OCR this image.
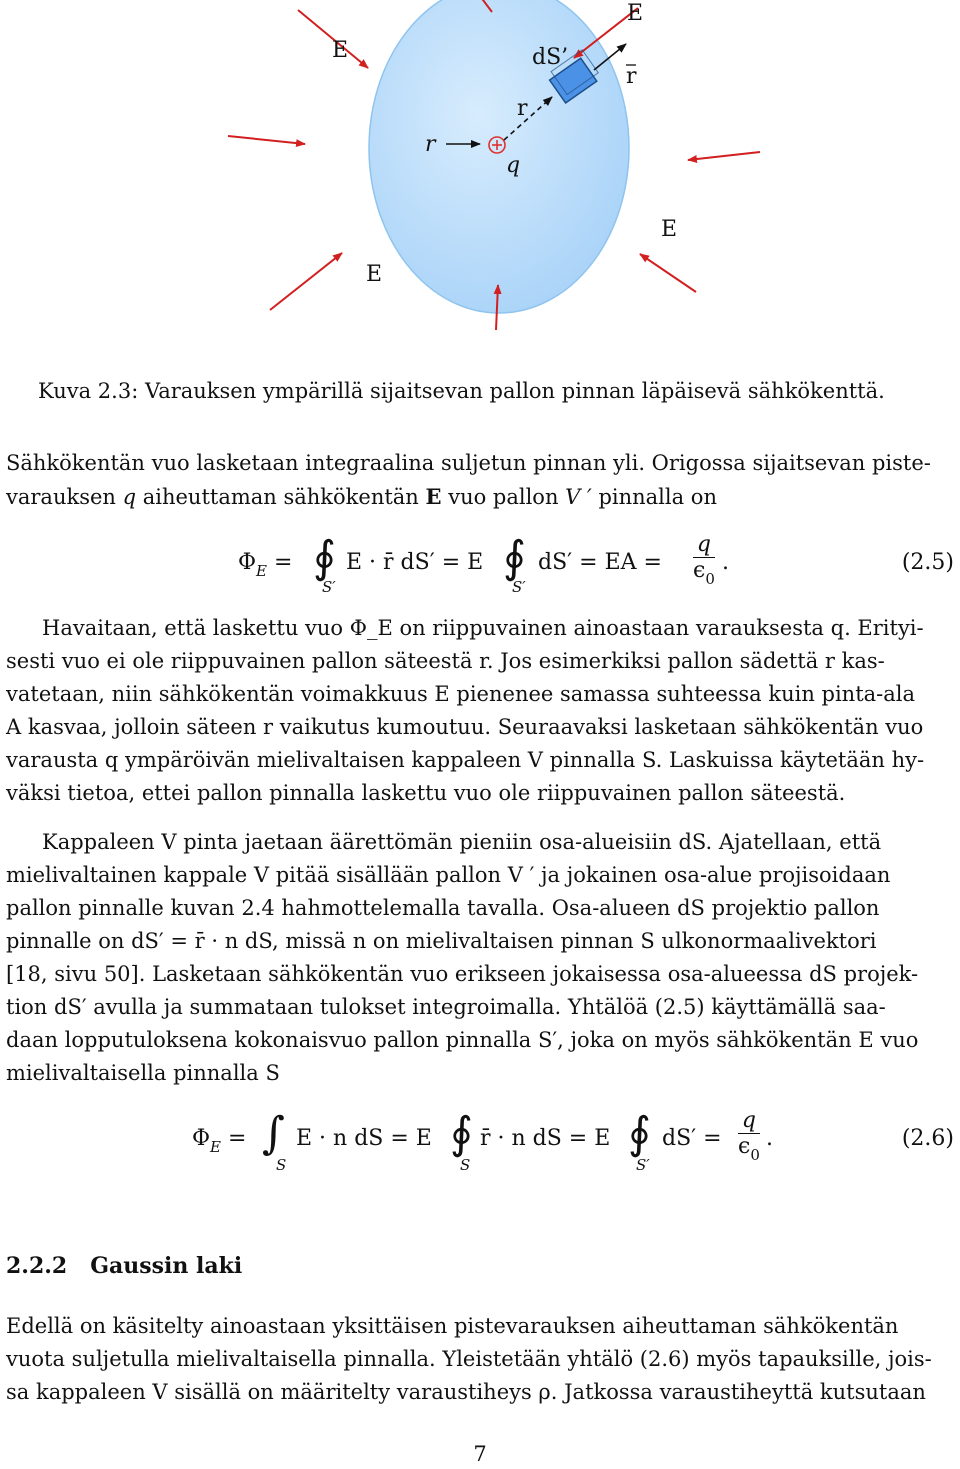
E
E
E
E
dS’
r
r
r
q
Kuva 2.3: Varauksen ympärillä sijaitsevan pallon pinnan läpäisevä sähkökenttä.

Sähkökentän vuo lasketaan integraalina suljetun pinnan yli. Origossa sijaitsevan piste-

varauksen q aiheuttaman sähkökentän E vuo pallon V ′ pinnalla on

$\Phi_E$ = ∮
S′
E · r̄ dS′ = E ∮
S′
dS′ = EA = $\frac{q}{\epsilon_0}$ .	(2.5)

Havaitaan, että laskettu vuo Φ_E on riippuvainen ainoastaan varauksesta q. Erityi-

sesti vuo ei ole riippuvainen pallon säteestä r. Jos esimerkiksi pallon sädettä r kas-

vatetaan, niin sähkökentän voimakkuus E pienenee samassa suhteessa kuin pinta-ala

A kasvaa, jolloin säteen r vaikutus kumoutuu. Seuraavaksi lasketaan sähkökentän vuo

varausta q ympäröivän mielivaltaisen kappaleen V pinnalla S. Laskuissa käytetään hy-

väksi tietoa, ettei pallon pinnalla laskettu vuo ole riippuvainen pallon säteestä.

Kappaleen V pinta jaetaan äärettömän pieniin osa-alueisiin dS. Ajatellaan, että

mielivaltainen kappale V pitää sisällään pallon V ′ ja jokainen osa-alue projisoidaan

pallon pinnalle kuvan 2.4 hahmottelemalla tavalla. Osa-alueen dS projektio pallon

pinnalle on dS′ = r̄ · n dS, missä n on mielivaltaisen pinnan S ulkonormaalivektori

[18, sivu 50]. Lasketaan sähkökentän vuo erikseen jokaisessa osa-alueessa dS projek-

tion dS′ avulla ja summataan tulokset integroimalla. Yhtälöä (2.5) käyttämällä saa-

daan lopputuloksena kokonaisvuo pallon pinnalla S′, joka on myös sähkökentän E vuo

mielivaltaisella pinnalla S

$\Phi_E$ = ∫
S
E · n dS = E ∮
S
r̄ · n dS = E ∮
S′
$dS' = \frac{q}{\epsilon_0}$ .	(2.6)
2.2.2   Gaussin laki

Edellä on käsitelty ainoastaan yksittäisen pistevarauksen aiheuttaman sähkökentän

vuota suljetulla mielivaltaisella pinnalla. Yleistetään yhtälö (2.6) myös tapauksille, jois-

sa kappaleen V sisällä on määritelty varaustiheys ρ. Jatkossa varaustiheyttä kutsutaan

7
